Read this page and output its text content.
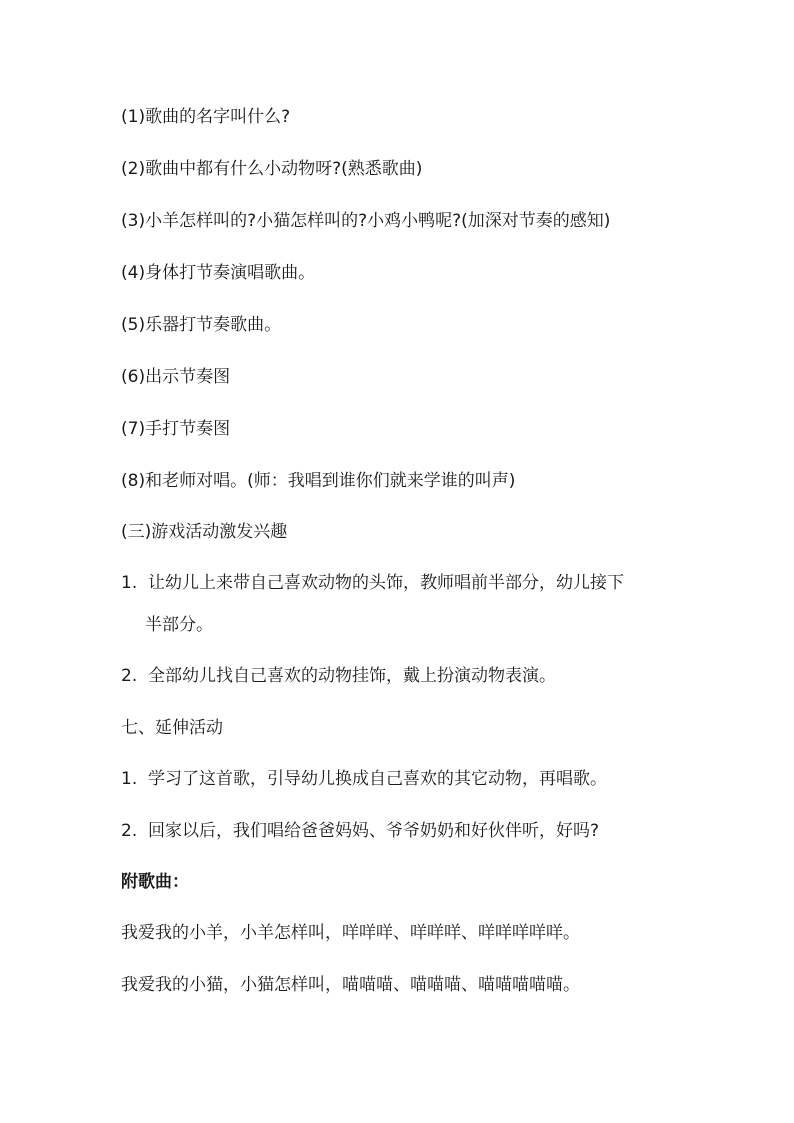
(1)歌曲的名字叫什么?
(2)歌曲中都有什么小动物呀?(熟悉歌曲)
(3)小羊怎样叫的?小猫怎样叫的?小鸡小鸭呢?(加深对节奏的感知)
(4)身体打节奏演唱歌曲。
(5)乐器打节奏歌曲。
(6)出示节奏图
(7)手打节奏图
(8)和老师对唱。(师：我唱到谁你们就来学谁的叫声)
(三)游戏活动激发兴趣
1. 让幼儿上来带自己喜欢动物的头饰，教师唱前半部分，幼儿接下
半部分。
2. 全部幼儿找自己喜欢的动物挂饰，戴上扮演动物表演。
七、延伸活动
1. 学习了这首歌，引导幼儿换成自己喜欢的其它动物，再唱歌。
2. 回家以后，我们唱给爸爸妈妈、爷爷奶奶和好伙伴听，好吗?
附歌曲：
我爱我的小羊，小羊怎样叫，咩咩咩、咩咩咩、咩咩咩咩咩。
我爱我的小猫，小猫怎样叫，喵喵喵、喵喵喵、喵喵喵喵喵。
